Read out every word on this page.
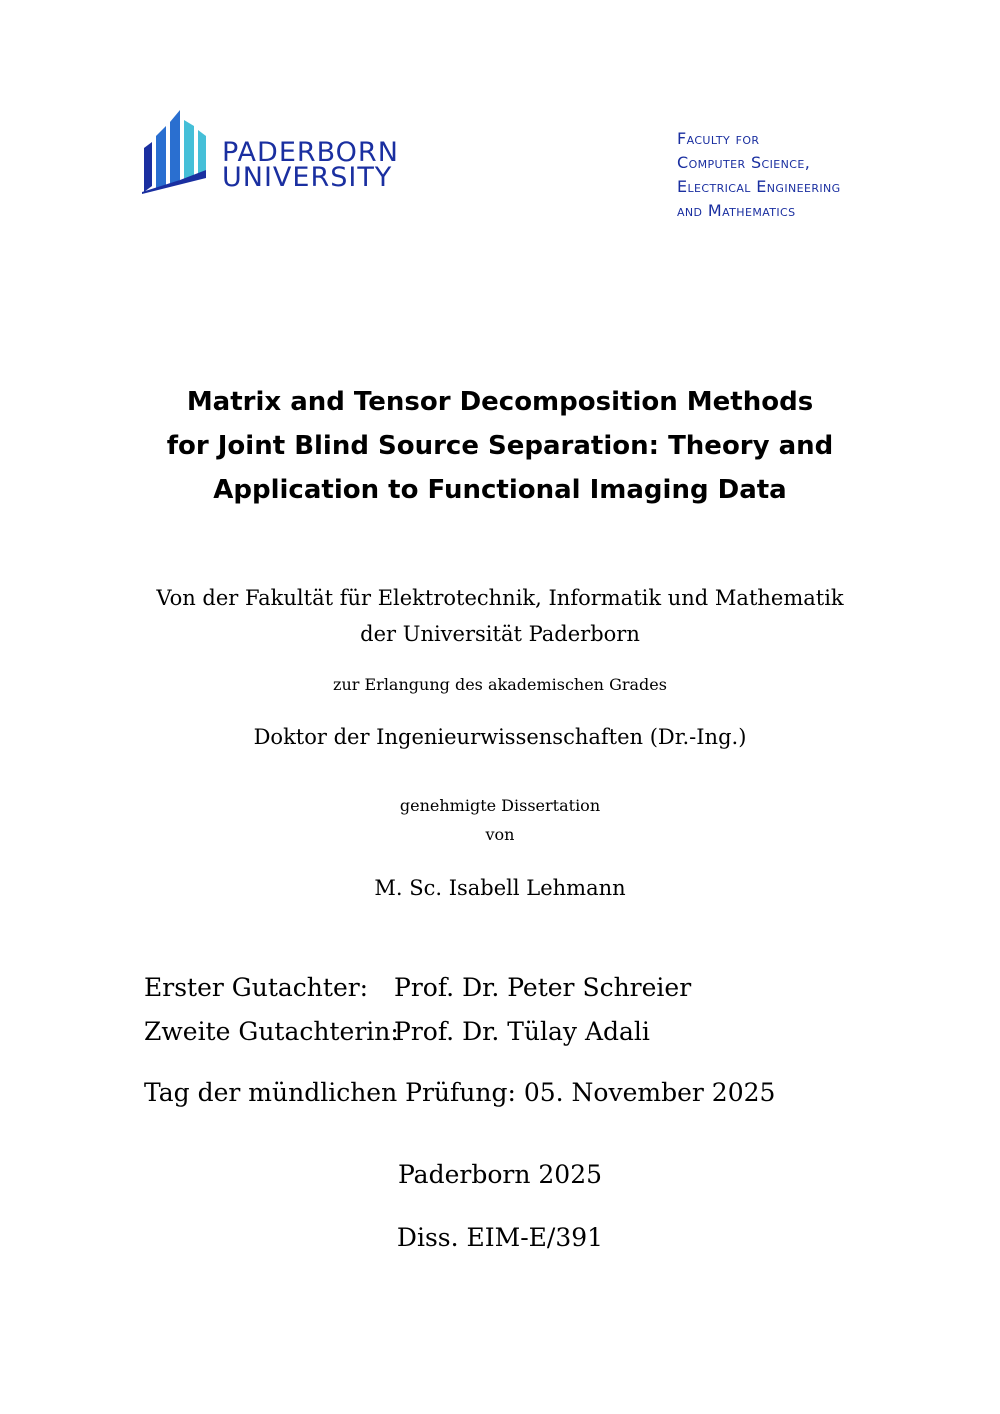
PADERBORN
UNIVERSITY
Faculty for
Computer Science,
Electrical Engineering
and Mathematics
Matrix and Tensor Decomposition Methods
for Joint Blind Source Separation: Theory and
Application to Functional Imaging Data
Von der Fakultät für Elektrotechnik, Informatik und Mathematik
der Universität Paderborn
zur Erlangung des akademischen Grades
Doktor der Ingenieurwissenschaften (Dr.-Ing.)
genehmigte Dissertation
von
M. Sc. Isabell Lehmann
Erster Gutachter: Prof. Dr. Peter Schreier
Zweite Gutachterin:
Prof. Dr. Tülay Adali
Tag der mündlichen Prüfung: 05. November 2025
Paderborn 2025
Diss. EIM-E/391
